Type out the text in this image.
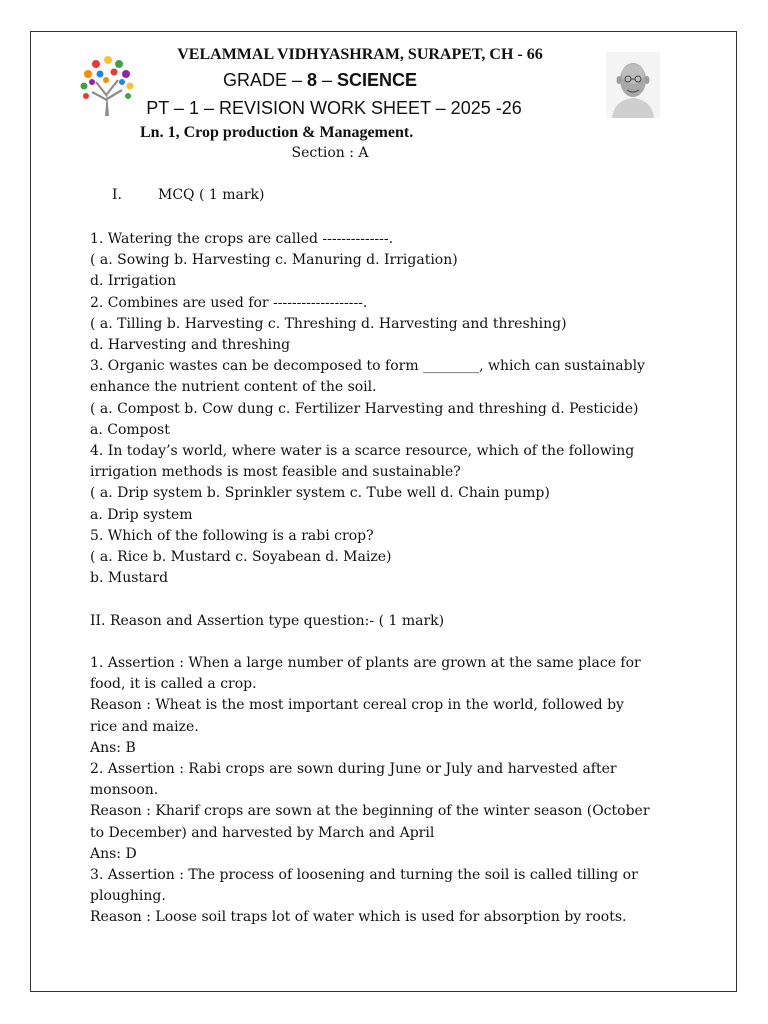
VELAMMAL VIDHYASHRAM, SURAPET, CH - 66
GRADE – 8 – SCIENCE
PT – 1 – REVISION WORK SHEET – 2025 -26
Ln. 1, Crop production & Management.
Section : A
I.	MCQ ( 1 mark)
1. Watering the crops are called --------------.
( a. Sowing b. Harvesting c. Manuring d. Irrigation)
d. Irrigation
2. Combines are used for -------------------.
( a. Tilling b. Harvesting c. Threshing d. Harvesting and threshing)
d. Harvesting and threshing
3. Organic wastes can be decomposed to form ________, which can sustainably
enhance the nutrient content of the soil.
( a. Compost b. Cow dung c. Fertilizer Harvesting and threshing d. Pesticide)
a. Compost
4. In today’s world, where water is a scarce resource, which of the following
irrigation methods is most feasible and sustainable?
( a. Drip system b. Sprinkler system c. Tube well d. Chain pump)
a. Drip system
5. Which of the following is a rabi crop?
( a. Rice b. Mustard c. Soyabean d. Maize)
b. Mustard
II. Reason and Assertion type question:- ( 1 mark)
1. Assertion : When a large number of plants are grown at the same place for
food, it is called a crop.
Reason : Wheat is the most important cereal crop in the world, followed by
rice and maize.
Ans: B
2. Assertion : Rabi crops are sown during June or July and harvested after
monsoon.
Reason : Kharif crops are sown at the beginning of the winter season (October
to December) and harvested by March and April
Ans: D
3. Assertion : The process of loosening and turning the soil is called tilling or
ploughing.
Reason : Loose soil traps lot of water which is used for absorption by roots.
